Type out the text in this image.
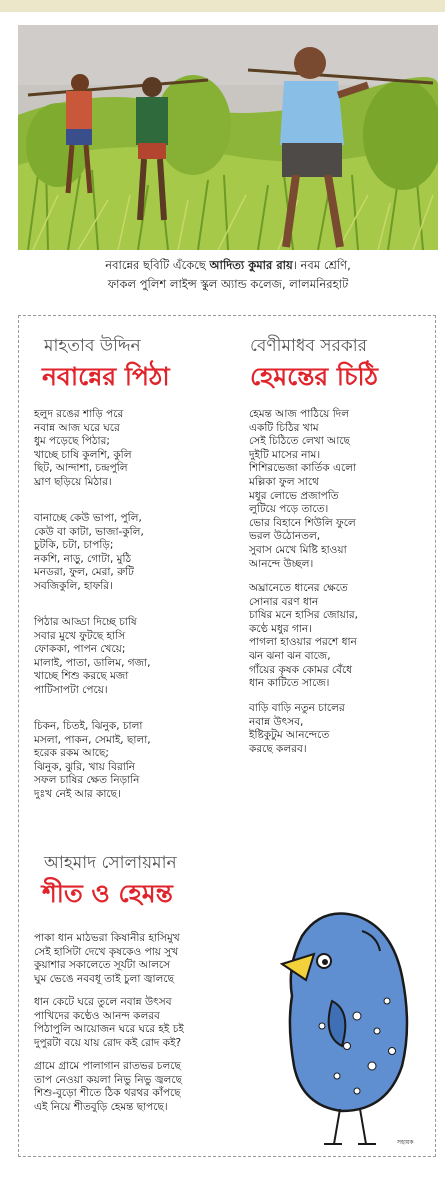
নবান্নের ছবিটি এঁকেছে আদিত্য কুমার রায়। নবম শ্রেণি,
ফাকল পুলিশ লাইন্স স্কুল অ্যান্ড কলেজ, লালমনিরহাট
মাহতাব উদ্দিন
নবান্নের পিঠা
হলুদ রঙের শাড়ি পরে
নবান্ন আজ ঘরে ঘরে
ধুম পড়েছে পিঠার;
খাচ্ছে চাষি কুলশি, কুলি
ছিট, আন্দাশা, চন্দ্রপুলি
ঘ্রাণ ছড়িয়ে মিঠার।
বানাচ্ছে কেউ ভাপা, পুলি,
কেউ বা কাটা, ভাজা-কুলি,
চুটকি, চটা, চাপড়ি;
নকশি, নাড়ু, গোটা, মুঠি
মনডরা, ফুল, মেরা, রুটি
সবজিকুলি, হাফরি।
পিঠার আড্ডা দিচ্ছে চাষি
সবার মুখে ফুটছে হাসি
ফোককা, পাপন খেয়ে;
মালাই, পাতা, ডালিম, গজা,
খাচ্ছে শিশু করছে মজা
পাটিসাপটা পেয়ে।
চিকন, চিতই, ঝিনুক, চালা
মসলা, পাকন, সেমাই, ছালা,
হরেক রকম আছে;
ঝিনুক, ঝুরি, খায় বিরানি
সফল চাষির ক্ষেত নিড়ানি
দুঃখ নেই আর কাছে।
বেণীমাধব সরকার
হেমন্তের চিঠি
হেমন্ত আজ পাঠিয়ে দিল
একটি চিঠির খাম
সেই চিঠিতে লেখা আছে
দুইটি মাসের নাম।
শিশিরভেজা কার্তিক এলো
মল্লিকা ফুল সাথে
মধুর লোভে প্রজাপতি
লুটিয়ে পড়ে তাতে।
ভোর বিহানে শিউলি ফুলে
ভরল উঠোনতল,
সুবাস মেখে মিষ্টি হাওয়া
আনন্দে উচ্ছল।
অঘ্রানেতে ধানের ক্ষেতে
সোনার বরণ ধান
চাষির মনে হাসির জোয়ার,
কণ্ঠে মধুর গান।
পাগলা হাওয়ার পরশে ধান
ঝন ঝনা ঝন বাজে,
গাঁয়ের কৃষক কোমর বেঁধে
ধান কাটিতে সাজে।
বাড়ি বাড়ি নতুন চালের
নবান্ন উৎসব,
ইষ্টিকুটুম আনন্দেতে
করছে কলরব।
আহমাদ সোলায়মান
শীত ও হেমন্ত
পাকা ধান মাঠভরা কিষানীর হাসিমুখ
সেই হাসিটা দেখে কৃষকেও পায় সুখ
কুয়াশার সকালেতে সূর্যটা আলসে
ঘুম ভেঙে নববধূ তাই চুলা জ্বালছে
ধান কেটে ঘরে তুলে নবান্ন উৎসব
পাখিদের কণ্ঠেও আনন্দ কলরব
পিঠাপুলি আয়োজন ঘরে ঘরে হই চই
দুপুরটা বয়ে যায় রোদ কই রোদ কই?
গ্রামে গ্রামে পালাগান রাতভর চলছে
তাপ নেওয়া কয়লা নিভু নিভু জ্বলছে
শিশু-বুড়ো শীতে ঠিক থরথর কাঁপছে
এই নিয়ে শীতবুড়ি হেমন্ত ছাপছে।
সহায়ক
